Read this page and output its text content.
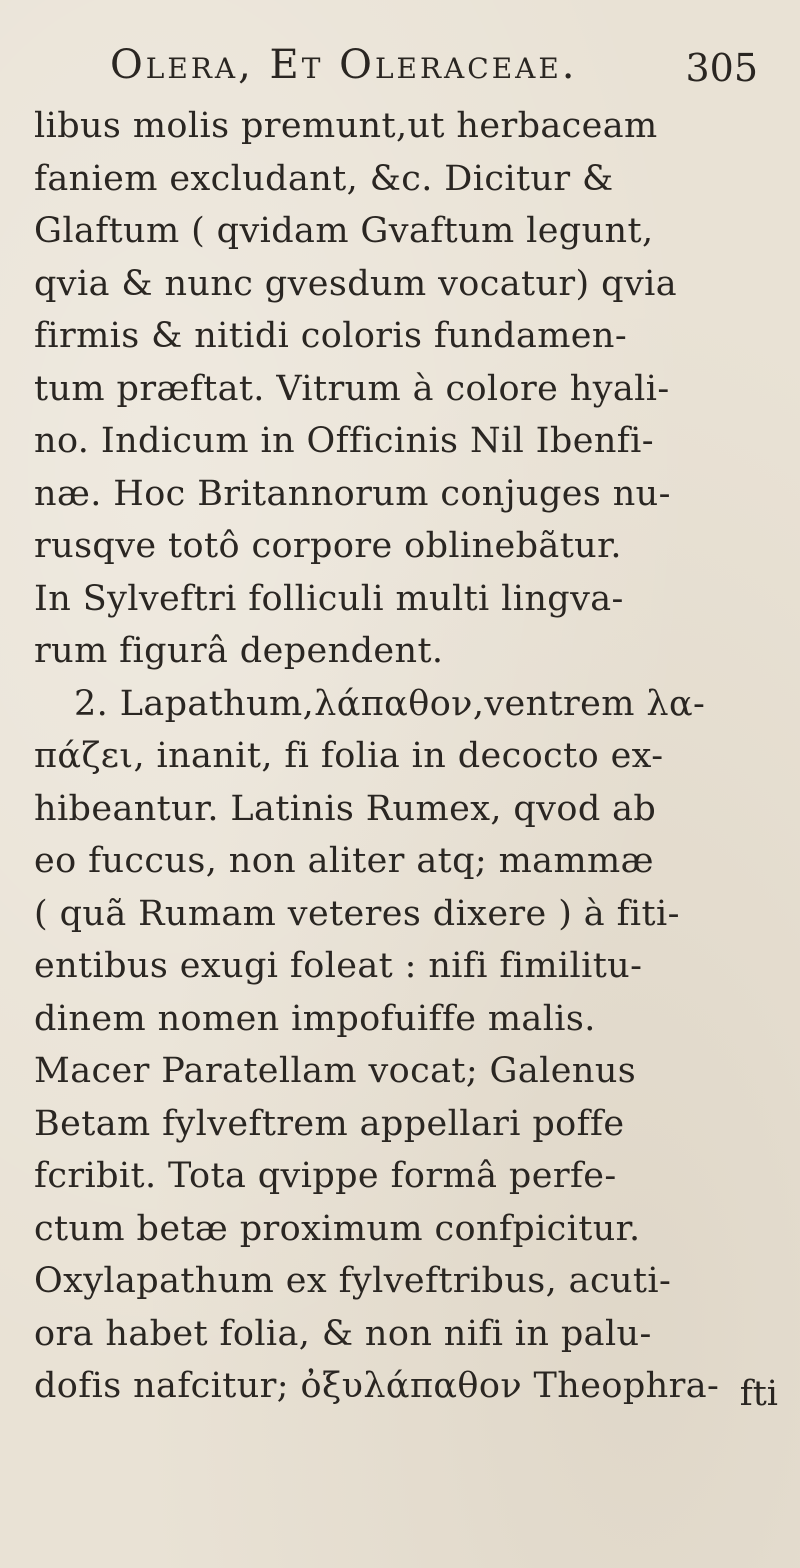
Olera, Et Oleraceae.	305
libus molis premunt,ut herbaceam
faniem excludant, &c. Dicitur &
Glaftum ( qvidam Gvaftum legunt,
qvia & nunc gvesdum vocatur) qvia
firmis & nitidi coloris fundamen-
tum præftat. Vitrum à colore hyali-
no. Indicum in Officinis Nil Ibenfi-
næ. Hoc Britannorum conjuges nu-
rusqve totô corpore oblinebãtur.
In Sylveftri folliculi multi lingva-
rum figurâ dependent.
2. Lapathum,λάπαθον,ventrem λα-
πάζει, inanit, fi folia in decocto ex-
hibeantur. Latinis Rumex, qvod ab
eo fuccus, non aliter atq; mammæ
( quã Rumam veteres dixere ) à fiti-
entibus exugi foleat : nifi fimilitu-
dinem nomen impofuiffe malis.
Macer Paratellam vocat; Galenus
Betam fylveftrem appellari poffe
fcribit. Tota qvippe formâ perfe-
ctum betæ proximum confpicitur.
Oxylapathum ex fylveftribus, acuti-
ora habet folia, & non nifi in palu-
dofis nafcitur; ὀξυλάπαθον Theophra- fti
